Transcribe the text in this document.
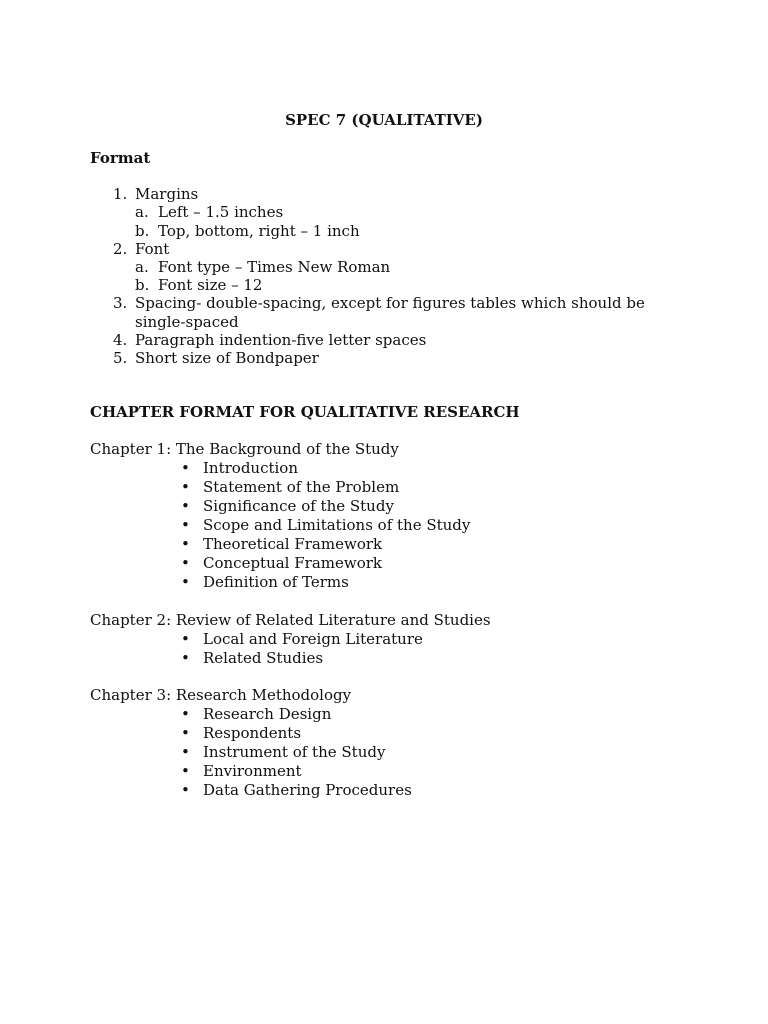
SPEC 7 (QUALITATIVE)
Format
1. Margins
a. Left – 1.5 inches
b. Top, bottom, right – 1 inch
2. Font
a. Font type – Times New Roman
b. Font size – 12
3. Spacing- double-spacing, except for figures tables which should be
single-spaced
4. Paragraph indention-five letter spaces
5. Short size of Bondpaper
CHAPTER FORMAT FOR QUALITATIVE RESEARCH
Chapter 1: The Background of the Study
• Introduction
• Statement of the Problem
• Significance of the Study
• Scope and Limitations of the Study
• Theoretical Framework
• Conceptual Framework
• Definition of Terms
Chapter 2: Review of Related Literature and Studies
• Local and Foreign Literature
• Related Studies
Chapter 3: Research Methodology
• Research Design
• Respondents
• Instrument of the Study
• Environment
• Data Gathering Procedures
